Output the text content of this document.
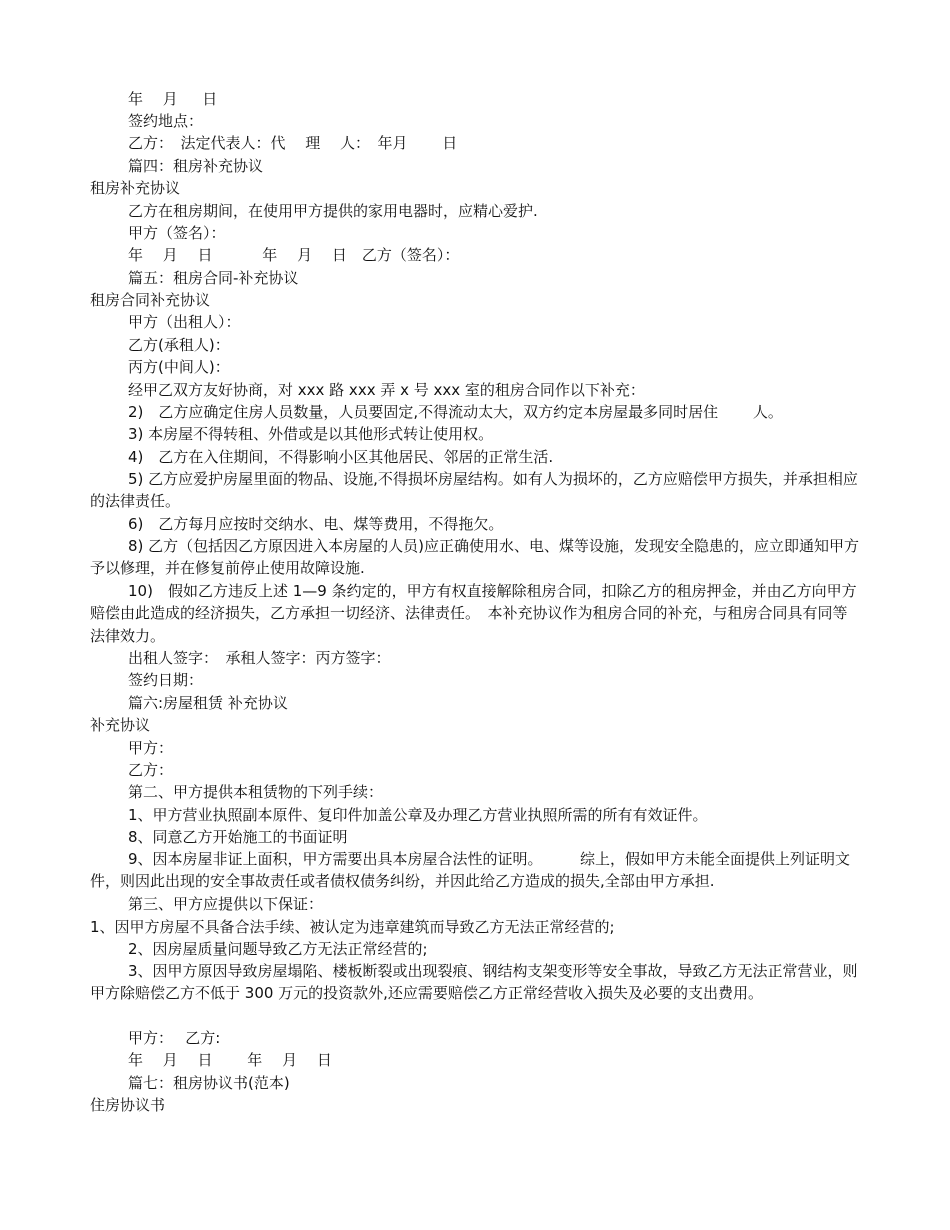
年　 月 　 日
签约地点：
乙方：　法定代表人：代 　理 　人：　年月　 　日
篇四：租房补充协议
租房补充协议
乙方在租房期间，在使用甲方提供的家用电器时，应精心爱护.
甲方（签名）：
年　 月　 日 　　　年　 月　 日　乙方（签名）：
篇五：租房合同-补充协议
租房合同补充协议
甲方（出租人）：
乙方(承租人)：
丙方(中间人)：
经甲乙双方友好协商，对 xxx 路 xxx 弄 x 号 xxx 室的租房合同作以下补充：
2)　乙方应确定住房人员数量，人员要固定,不得流动太大，双方约定本房屋最多同时居住　　 人。
3) 本房屋不得转租、外借或是以其他形式转让使用权。
4)　乙方在入住期间，不得影响小区其他居民、邻居的正常生活.
5) 乙方应爱护房屋里面的物品、设施,不得损坏房屋结构。如有人为损坏的，乙方应赔偿甲方损失，并承担相应的法律责任。
6)　乙方每月应按时交纳水、电、煤等费用，不得拖欠。
8) 乙方（包括因乙方原因进入本房屋的人员)应正确使用水、电、煤等设施，发现安全隐患的，应立即通知甲方予以修理，并在修复前停止使用故障设施.
10)　假如乙方违反上述 1—9 条约定的，甲方有权直接解除租房合同，扣除乙方的租房押金，并由乙方向甲方赔偿由此造成的经济损失，乙方承担一切经济、法律责任。　本补充协议作为租房合同的补充，与租房合同具有同等法律效力。
出租人签字：　承租人签字：丙方签字：
签约日期：
篇六:房屋租赁 补充协议
补充协议
甲方：
乙方：
第二、甲方提供本租赁物的下列手续：
1、甲方营业执照副本原件、复印件加盖公章及办理乙方营业执照所需的所有有效证件。
8、同意乙方开始施工的书面证明
9、因本房屋非证上面积，甲方需要出具本房屋合法性的证明。　　　综上，假如甲方未能全面提供上列证明文件，则因此出现的安全事故责任或者债权债务纠纷，并因此给乙方造成的损失,全部由甲方承担.
第三、甲方应提供以下保证：
1、因甲方房屋不具备合法手续、被认定为违章建筑而导致乙方无法正常经营的;
2、因房屋质量问题导致乙方无法正常经营的;
3、因甲方原因导致房屋塌陷、楼板断裂或出现裂痕、钢结构支架变形等安全事故，导致乙方无法正常营业，则甲方除赔偿乙方不低于 300 万元的投资款外,还应需要赔偿乙方正常经营收入损失及必要的支出费用。
甲方：　 乙方:
年　 月　 日　　 年　 月　 日
篇七：租房协议书(范本)
住房协议书
